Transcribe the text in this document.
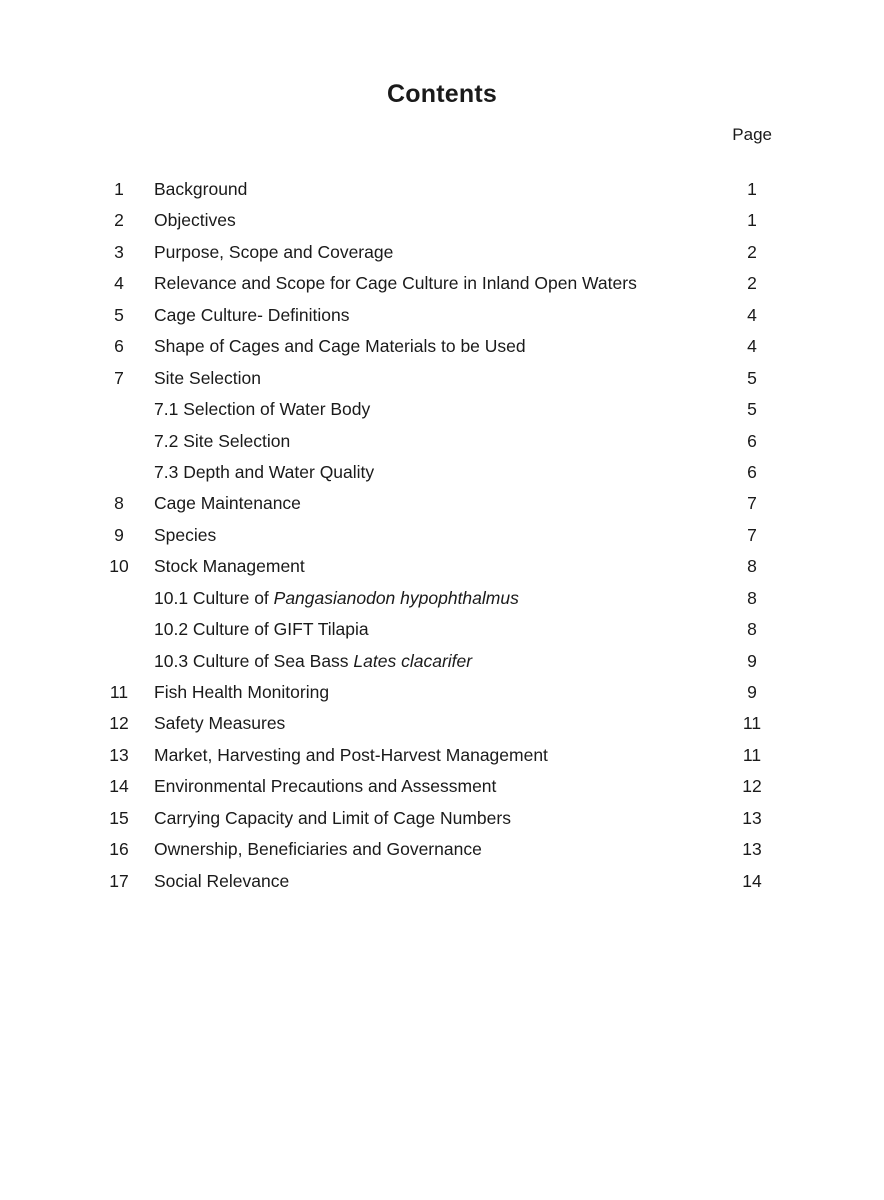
Contents
Page
1	Background	1
2	Objectives	1
3	Purpose, Scope and Coverage	2
4	Relevance and Scope for Cage Culture in Inland Open Waters	2
5	Cage Culture- Definitions	4
6	Shape of Cages and Cage Materials to be Used	4
7	Site Selection	5
7.1 Selection of Water Body	5
7.2 Site Selection	6
7.3 Depth and Water Quality	6
8	Cage Maintenance	7
9	Species	7
10	Stock Management	8
10.1 Culture of Pangasianodon hypophthalmus	8
10.2 Culture of GIFT Tilapia	8
10.3 Culture of Sea Bass Lates clacarifer	9
11	Fish Health Monitoring	9
12	Safety Measures	11
13	Market, Harvesting and Post-Harvest Management	11
14	Environmental Precautions and Assessment	12
15	Carrying Capacity and Limit of Cage Numbers	13
16	Ownership, Beneficiaries and Governance	13
17	Social Relevance	14
